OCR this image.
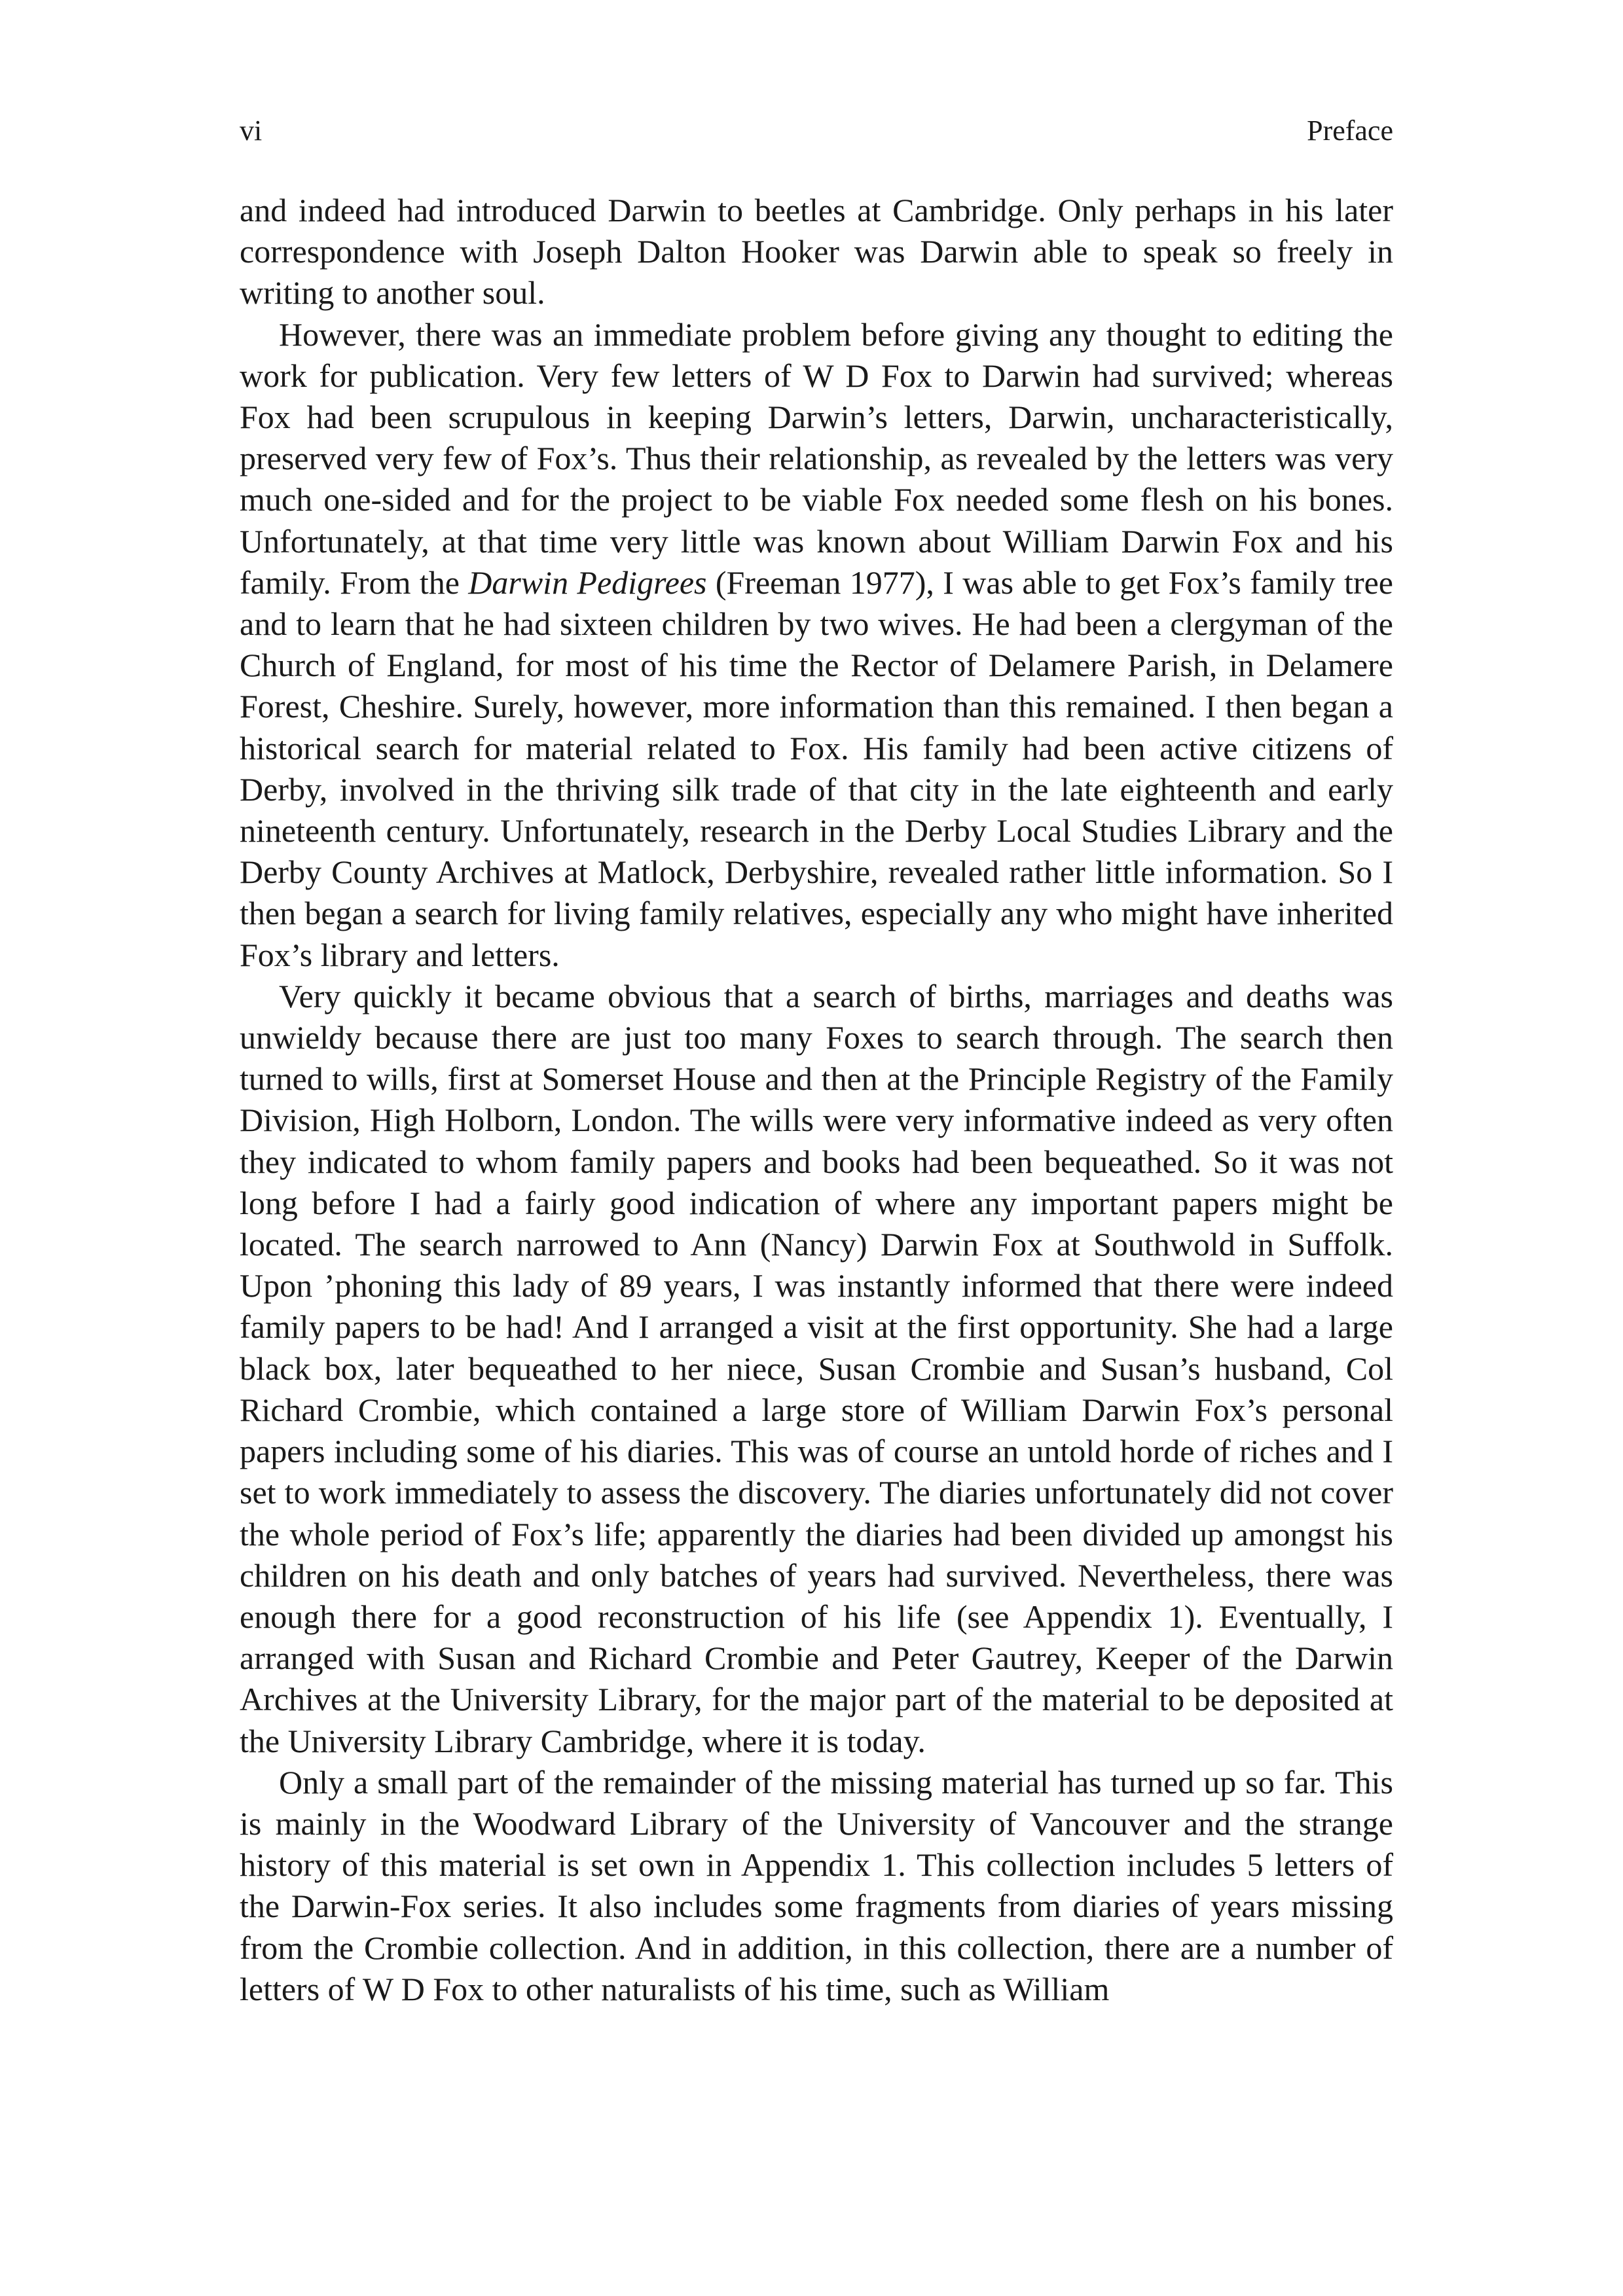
vi	Preface

and indeed had introduced Darwin to beetles at Cambridge. Only perhaps in his later correspondence with Joseph Dalton Hooker was Darwin able to speak so freely in writing to another soul.

However, there was an immediate problem before giving any thought to editing the work for publication. Very few letters of W D Fox to Darwin had survived; whereas Fox had been scrupulous in keeping Darwin’s letters, Darwin, uncharacteristically, preserved very few of Fox’s. Thus their relationship, as revealed by the letters was very much one-sided and for the project to be viable Fox needed some flesh on his bones. Unfortunately, at that time very little was known about William Darwin Fox and his family. From the Darwin Pedigrees (Freeman 1977), I was able to get Fox’s family tree and to learn that he had sixteen children by two wives. He had been a clergyman of the Church of England, for most of his time the Rector of Delamere Parish, in Delamere Forest, Cheshire. Surely, however, more information than this remained. I then began a historical search for material related to Fox. His family had been active citizens of Derby, involved in the thriving silk trade of that city in the late eighteenth and early nineteenth century. Unfortunately, research in the Derby Local Studies Library and the Derby County Archives at Matlock, Derbyshire, revealed rather little information. So I then began a search for living family relatives, especially any who might have inherited Fox’s library and letters.

Very quickly it became obvious that a search of births, marriages and deaths was unwieldy because there are just too many Foxes to search through. The search then turned to wills, first at Somerset House and then at the Principle Registry of the Family Division, High Holborn, London. The wills were very informative indeed as very often they indicated to whom family papers and books had been bequeathed. So it was not long before I had a fairly good indication of where any important papers might be located. The search narrowed to Ann (Nancy) Darwin Fox at Southwold in Suffolk. Upon ’phoning this lady of 89 years, I was instantly informed that there were indeed family papers to be had! And I arranged a visit at the first opportunity. She had a large black box, later bequeathed to her niece, Susan Crombie and Susan’s husband, Col Richard Crombie, which contained a large store of William Darwin Fox’s personal papers including some of his diaries. This was of course an untold horde of riches and I set to work immediately to assess the discovery. The diaries unfortunately did not cover the whole period of Fox’s life; apparently the diaries had been divided up amongst his children on his death and only batches of years had survived. Nevertheless, there was enough there for a good reconstruction of his life (see Appendix 1). Eventually, I arranged with Susan and Richard Crombie and Peter Gautrey, Keeper of the Darwin Archives at the University Library, for the major part of the material to be deposited at the University Library Cambridge, where it is today.

Only a small part of the remainder of the missing material has turned up so far. This is mainly in the Woodward Library of the University of Vancouver and the strange history of this material is set own in Appendix 1. This collection includes 5 letters of the Darwin-Fox series. It also includes some fragments from diaries of years missing from the Crombie collection. And in addition, in this collection, there are a number of letters of W D Fox to other naturalists of his time, such as William
